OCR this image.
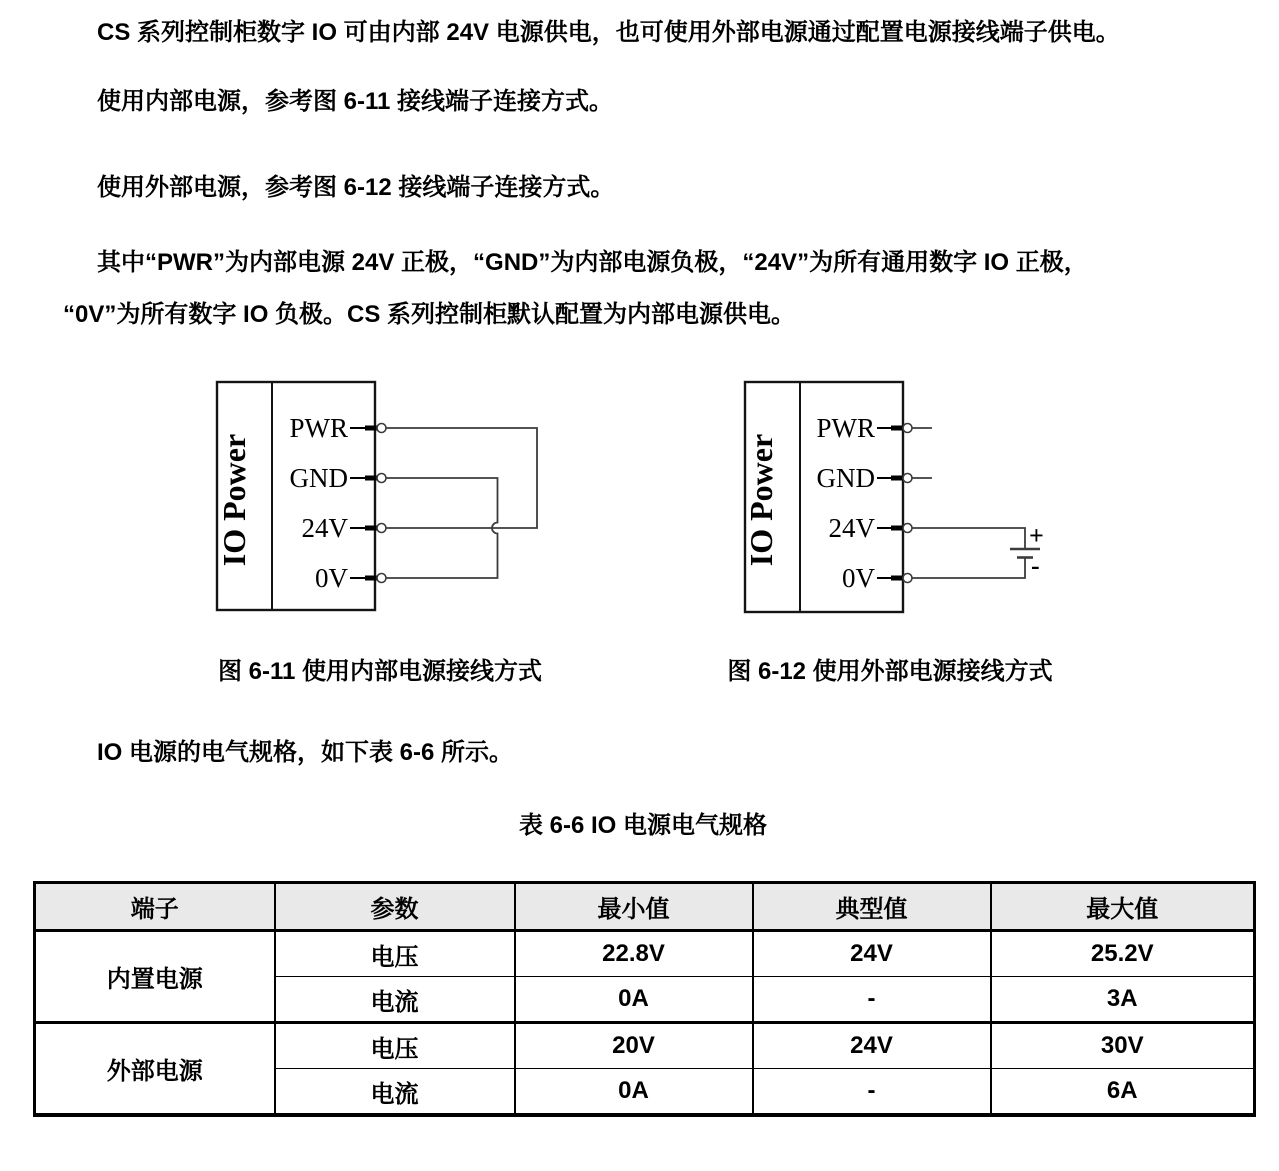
CS 系列控制柜数字 IO 可由内部 24V 电源供电，也可使用外部电源通过配置电源接线端子供电。

使用内部电源，参考图 6-11 接线端子连接方式。

使用外部电源，参考图 6-12 接线端子连接方式。

其中“PWR”为内部电源 24V 正极，“GND”为内部电源负极，“24V”为所有通用数字 IO 正极，
“0V”为所有数字 IO 负极。CS 系列控制柜默认配置为内部电源供电。
IO Power
PWR
GND
24V
0V
IO Power
PWR
GND
24V
0V
+
-
图 6-11 使用内部电源接线方式	图 6-12 使用外部电源接线方式

IO 电源的电气规格，如下表 6-6 所示。

表 6-6 IO 电源电气规格
端子	参数	最小值	典型值	最大值
内置电源	电压	22.8V	24V	25.2V
	电流	0A	-	3A
外部电源	电压	20V	24V	30V
	电流	0A	-	6A
